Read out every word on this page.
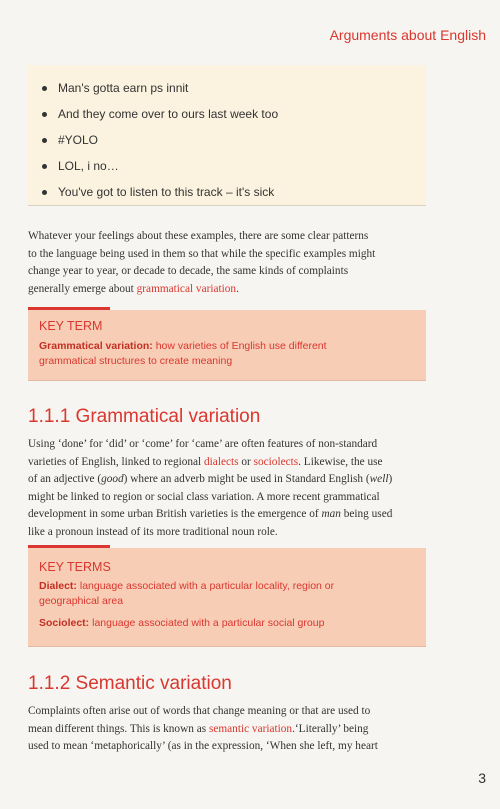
Arguments about English
Man's gotta earn ps innit
And they come over to ours last week too
#YOLO
LOL, i no…
You've got to listen to this track – it's sick

Whatever your feelings about these examples, there are some clear patterns

to the language being used in them so that while the specific examples might

change year to year, or decade to decade, the same kinds of complaints

generally emerge about grammatical variation.

KEY TERM

Grammatical variation: how varieties of English use different

grammatical structures to create meaning

1.1.1 Grammatical variation

Using ‘done’ for ‘did’ or ‘come’ for ‘came’ are often features of non-standard

varieties of English, linked to regional dialects or sociolects. Likewise, the use

of an adjective (good) where an adverb might be used in Standard English (well)

might be linked to region or social class variation. A more recent grammatical

development in some urban British varieties is the emergence of man being used

like a pronoun instead of its more traditional noun role.

KEY TERMS

Dialect: language associated with a particular locality, region or

geographical area

Sociolect: language associated with a particular social group

1.1.2 Semantic variation

Complaints often arise out of words that change meaning or that are used to

mean different things. This is known as semantic variation.‘Literally’ being

used to mean ‘metaphorically’ (as in the expression, ‘When she left, my heart

3
